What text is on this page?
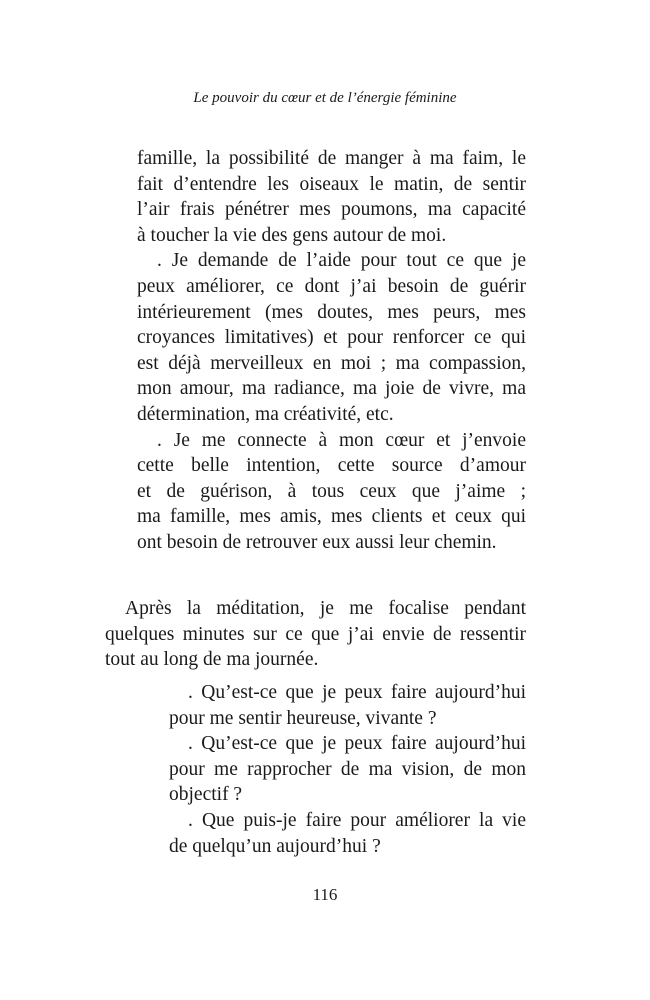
Le pouvoir du cœur et de l’énergie féminine
famille, la possibilité de manger à ma faim, le
fait d’entendre les oiseaux le matin, de sentir
l’air frais pénétrer mes poumons, ma capacité
à toucher la vie des gens autour de moi.
. Je demande de l’aide pour tout ce que je
peux améliorer, ce dont j’ai besoin de guérir
intérieurement (mes doutes, mes peurs, mes
croyances limitatives) et pour renforcer ce qui
est déjà merveilleux en moi ; ma compassion,
mon amour, ma radiance, ma joie de vivre, ma
détermination, ma créativité, etc.
. Je me connecte à mon cœur et j’envoie
cette belle intention, cette source d’amour
et de guérison, à tous ceux que j’aime ;
ma famille, mes amis, mes clients et ceux qui
ont besoin de retrouver eux aussi leur chemin.
Après la méditation, je me focalise pendant
quelques minutes sur ce que j’ai envie de ressentir
tout au long de ma journée.
. Qu’est-ce que je peux faire aujourd’hui
pour me sentir heureuse, vivante ?
. Qu’est-ce que je peux faire aujourd’hui
pour me rapprocher de ma vision, de mon
objectif ?
. Que puis-je faire pour améliorer la vie
de quelqu’un aujourd’hui ?
116
